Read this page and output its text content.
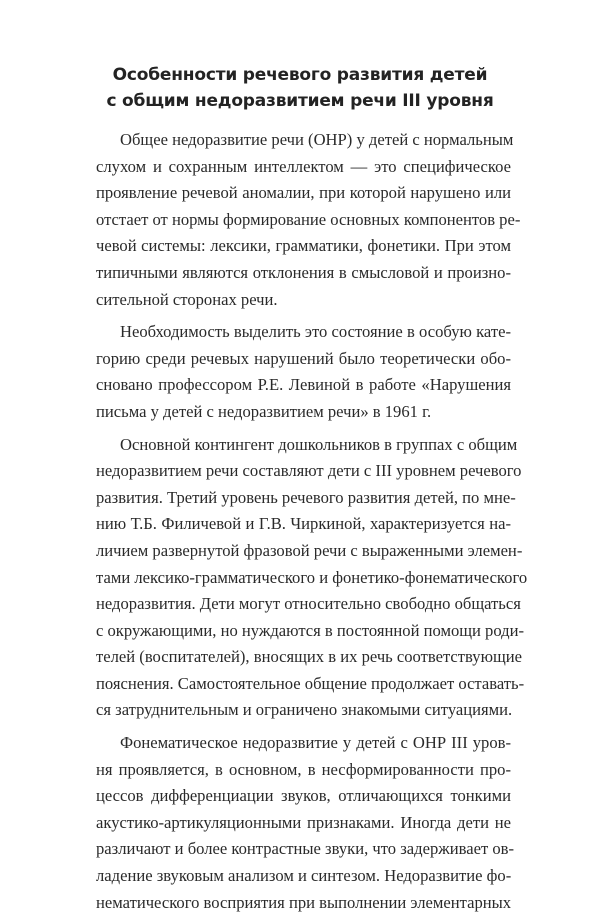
Особенности речевого развития детей
с общим недоразвитием речи III уровня
Общее недоразвитие речи (ОНР) у детей с нормальным
слухом и сохранным интеллектом — это специфическое
проявление речевой аномалии, при которой нарушено или
отстает от нормы формирование основных компонентов ре-
чевой системы: лексики, грамматики, фонетики. При этом
типичными являются отклонения в смысловой и произно-
сительной сторонах речи.
Необходимость выделить это состояние в особую кате-
горию среди речевых нарушений было теоретически обо-
сновано профессором Р.Е. Левиной в работе «Нарушения
письма у детей с недоразвитием речи» в 1961 г.
Основной контингент дошкольников в группах с общим
недоразвитием речи составляют дети с III уровнем речевого
развития. Третий уровень речевого развития детей, по мне-
нию Т.Б. Филичевой и Г.В. Чиркиной, характеризуется на-
личием развернутой фразовой речи с выраженными элемен-
тами лексико-грамматического и фонетико-фонематического
недоразвития. Дети могут относительно свободно общаться
с окружающими, но нуждаются в постоянной помощи роди-
телей (воспитателей), вносящих в их речь соответствующие
пояснения. Самостоятельное общение продолжает оставать-
ся затруднительным и ограничено знакомыми ситуациями.
Фонематическое недоразвитие у детей с ОНР III уров-
ня проявляется, в основном, в несформированности про-
цессов дифференциации звуков, отличающихся тонкими
акустико-артикуляционными признаками. Иногда дети не
различают и более контрастные звуки, что задерживает ов-
ладение звуковым анализом и синтезом. Недоразвитие фо-
нематического восприятия при выполнении элементарных
